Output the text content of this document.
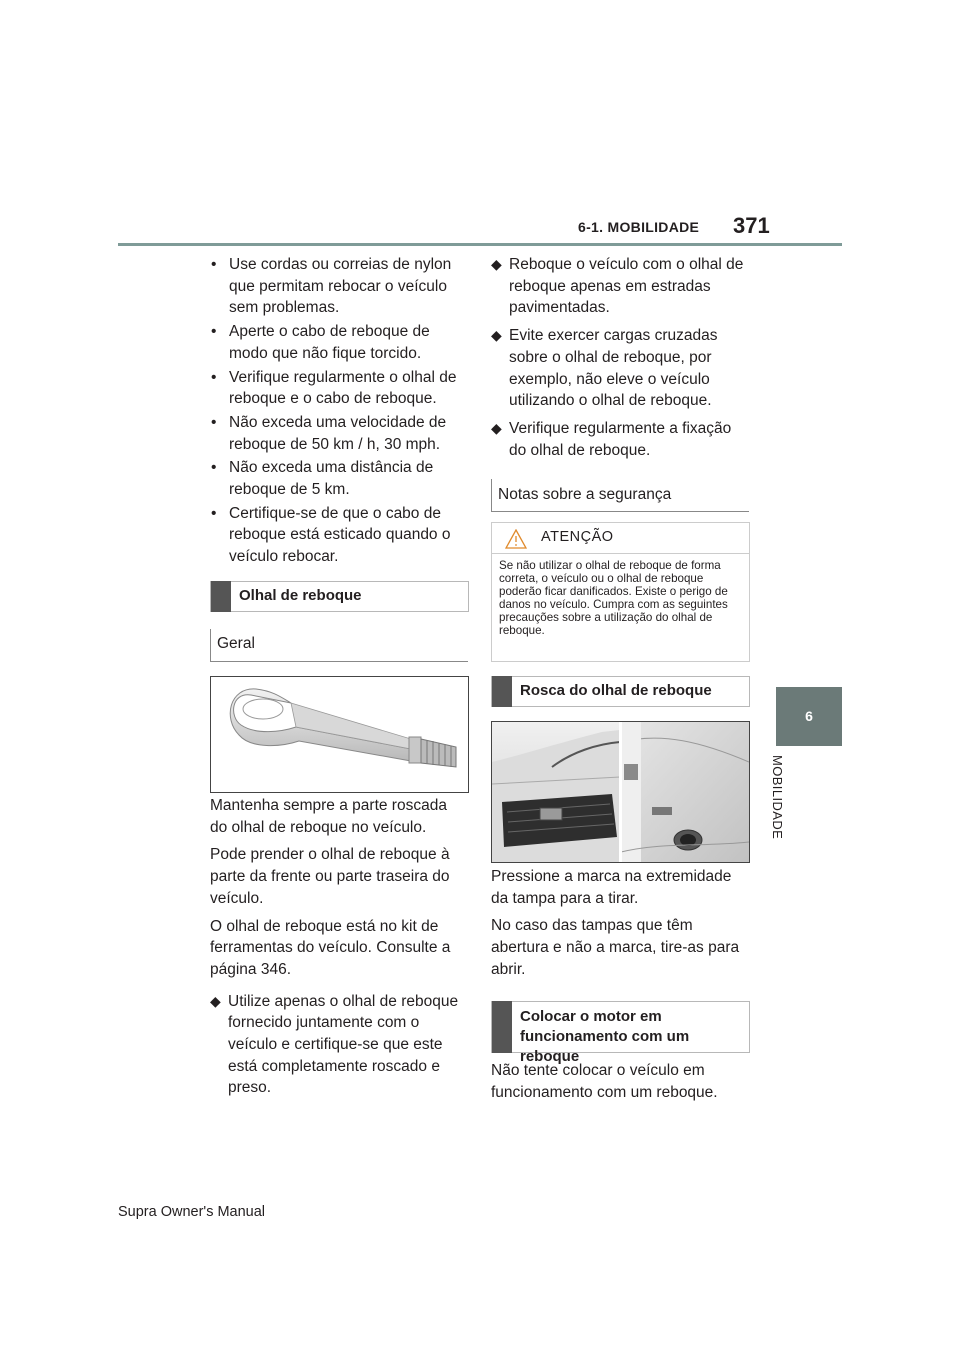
6-1. MOBILIDADE 371
6
MOBILIDADE
• Use cordas ou correias de nylon que permitam rebocar o veículo sem problemas.
• Aperte o cabo de reboque de modo que não fique torcido.
• Verifique regularmente o olhal de reboque e o cabo de reboque.
• Não exceda uma velocidade de reboque de 50 km / h, 30 mph.
• Não exceda uma distância de reboque de 5 km.
• Certifique-se de que o cabo de reboque está esticado quando o veículo rebocar.
Olhal de reboque
Geral

Mantenha sempre a parte roscada do olhal de reboque no veículo.

Pode prender o olhal de reboque à parte da frente ou parte traseira do veículo.

O olhal de reboque está no kit de ferramentas do veículo. Consulte a página 346.

◆ Utilize apenas o olhal de reboque fornecido juntamente com o veículo e certifique-se que este está completamente roscado e preso.
◆ Reboque o veículo com o olhal de reboque apenas em estradas pavimentadas.
◆ Evite exercer cargas cruzadas sobre o olhal de reboque, por exemplo, não eleve o veículo utilizando o olhal de reboque.
◆ Verifique regularmente a fixação do olhal de reboque.
Notas sobre a segurança
ATENÇÃO
Se não utilizar o olhal de reboque de forma correta, o veículo ou o olhal de reboque poderão ficar danificados. Existe o perigo de danos no veículo. Cumpra com as seguintes precauções sobre a utilização do olhal de reboque.
Rosca do olhal de reboque

Pressione a marca na extremidade da tampa para a tirar.

No caso das tampas que têm abertura e não a marca, tire-as para abrir.

Colocar o motor em funcionamento com um reboque

Não tente colocar o veículo em funcionamento com um reboque.

Supra Owner's Manual
